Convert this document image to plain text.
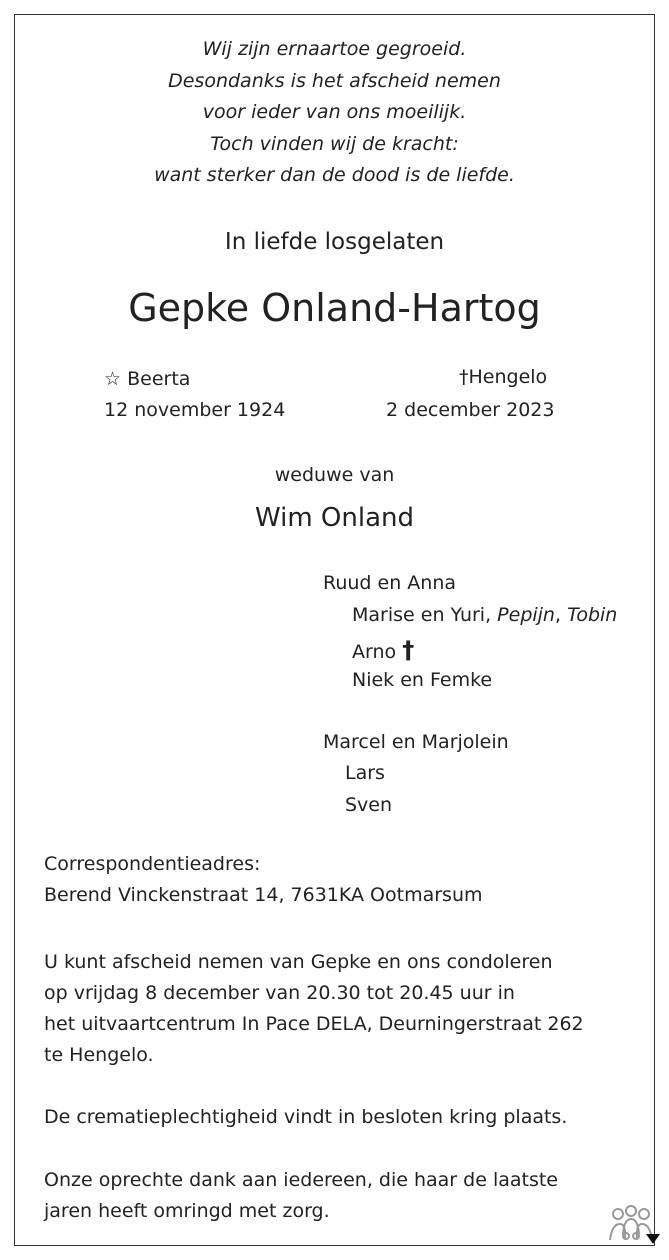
Wij zijn ernaartoe gegroeid.
Desondanks is het afscheid nemen
voor ieder van ons moeilijk.
Toch vinden wij de kracht:
want sterker dan de dood is de liefde.
In liefde losgelaten
Gepke Onland-Hartog
☆ Beerta
12 november 1924
†Hengelo
2 december 2023
weduwe van
Wim Onland
Ruud en Anna
Marise en Yuri, Pepijn, Tobin
Arno †
Niek en Femke
Marcel en Marjolein
Lars
Sven
Correspondentieadres:
Berend Vinckenstraat 14, 7631KA Ootmarsum
U kunt afscheid nemen van Gepke en ons condoleren
op vrijdag 8 december van 20.30 tot 20.45 uur in
het uitvaartcentrum In Pace DELA, Deurningerstraat 262
te Hengelo.
De crematieplechtigheid vindt in besloten kring plaats.
Onze oprechte dank aan iedereen, die haar de laatste
jaren heeft omringd met zorg.
